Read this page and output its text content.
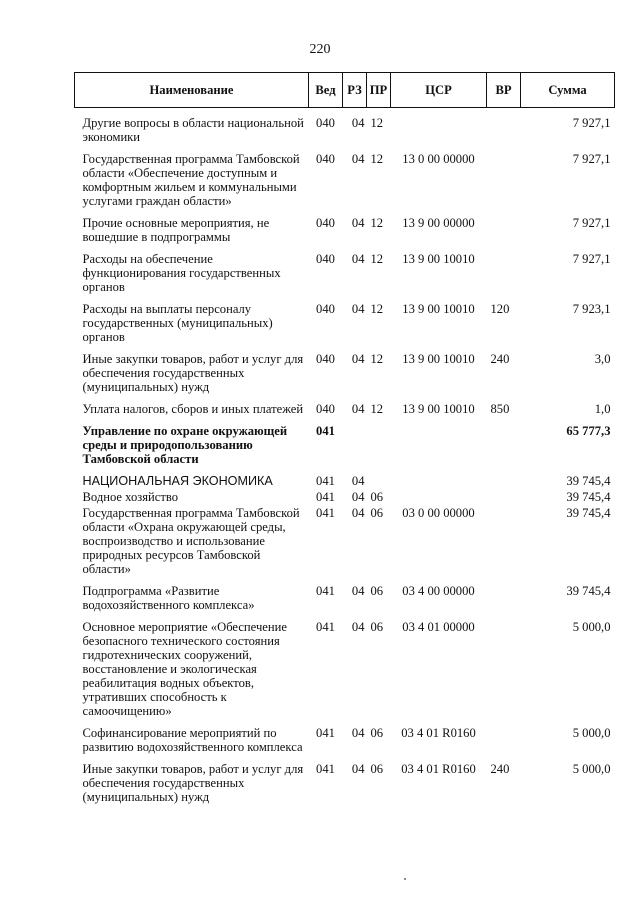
220
Наименование	Вед	РЗ	ПР	ЦСР	ВР	Сумма
Другие вопросы в области национальной экономики	040	04	12			7 927,1
Государственная программа Тамбовской области «Обеспечение доступным и комфортным жильем и коммунальными услугами граждан области»	040	04	12	13 0 00 00000		7 927,1
Прочие основные мероприятия, не вошедшие в подпрограммы	040	04	12	13 9 00 00000		7 927,1
Расходы на обеспечение функционирования государственных органов	040	04	12	13 9 00 10010		7 927,1
Расходы на выплаты персоналу государственных (муниципальных) органов	040	04	12	13 9 00 10010	120	7 923,1
Иные закупки товаров, работ и услуг для обеспечения государственных (муниципальных) нужд	040	04	12	13 9 00 10010	240	3,0
Уплата налогов, сборов и иных платежей	040	04	12	13 9 00 10010	850	1,0
Управление по охране окружающей среды и природопользованию Тамбовской области	041					65 777,3
НАЦИОНАЛЬНАЯ ЭКОНОМИКА	041	04				39 745,4
Водное хозяйство	041	04	06			39 745,4
Государственная программа Тамбовской области «Охрана окружающей среды, воспроизводство и использование природных ресурсов Тамбовской области»	041	04	06	03 0 00 00000		39 745,4
Подпрограмма «Развитие водохозяйственного комплекса»	041	04	06	03 4 00 00000		39 745,4
Основное мероприятие «Обеспечение безопасного технического состояния гидротехнических сооружений, восстановление и экологическая реабилитация водных объектов, утративших способность к самоочищению»	041	04	06	03 4 01 00000		5 000,0
Софинансирование мероприятий по развитию водохозяйственного комплекса	041	04	06	03 4 01 R0160		5 000,0
Иные закупки товаров, работ и услуг для обеспечения государственных (муниципальных) нужд	041	04	06	03 4 01 R0160	240	5 000,0
